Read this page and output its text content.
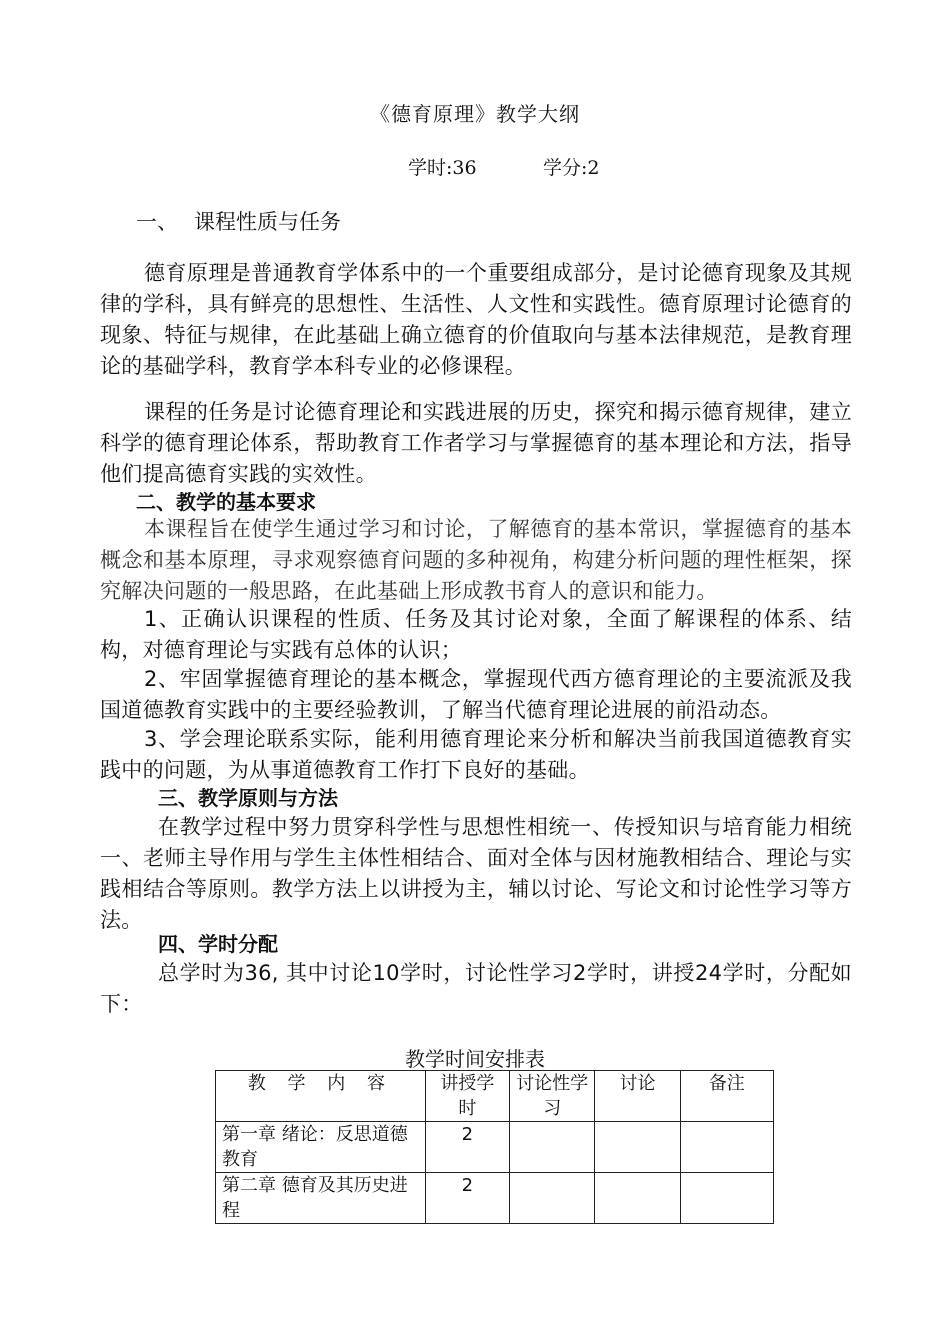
《德育原理》教学大纲
学时:36	学分:2
一、 课程性质与任务
德育原理是普通教育学体系中的一个重要组成部分，是讨论德育现象及其规律的学科，具有鲜亮的思想性、生活性、人文性和实践性。德育原理讨论德育的现象、特征与规律，在此基础上确立德育的价值取向与基本法律规范，是教育理论的基础学科，教育学本科专业的必修课程。
课程的任务是讨论德育理论和实践进展的历史，探究和揭示德育规律，建立科学的德育理论体系，帮助教育工作者学习与掌握德育的基本理论和方法，指导他们提高德育实践的实效性。
二、教学的基本要求
本课程旨在使学生通过学习和讨论，了解德育的基本常识，掌握德育的基本概念和基本原理，寻求观察德育问题的多种视角，构建分析问题的理性框架，探究解决问题的一般思路，在此基础上形成教书育人的意识和能力。
1、正确认识课程的性质、任务及其讨论对象，全面了解课程的体系、结构，对德育理论与实践有总体的认识；
2、牢固掌握德育理论的基本概念，掌握现代西方德育理论的主要流派及我国道德教育实践中的主要经验教训，了解当代德育理论进展的前沿动态。
3、学会理论联系实际，能利用德育理论来分析和解决当前我国道德教育实践中的问题，为从事道德教育工作打下良好的基础。
三、教学原则与方法
在教学过程中努力贯穿科学性与思想性相统一、传授知识与培育能力相统一、老师主导作用与学生主体性相结合、面对全体与因材施教相结合、理论与实践相结合等原则。教学方法上以讲授为主，辅以讨论、写论文和讨论性学习等方法。
四、学时分配
总学时为36, 其中讨论10学时，讨论性学习2学时，讲授24学时，分配如下：
教学时间安排表
教 学 内 容	讲授学时	讨论性学习	讨论	备注
第一章 绪论：反思道德教育	2			
第二章 德育及其历史进程	2			
